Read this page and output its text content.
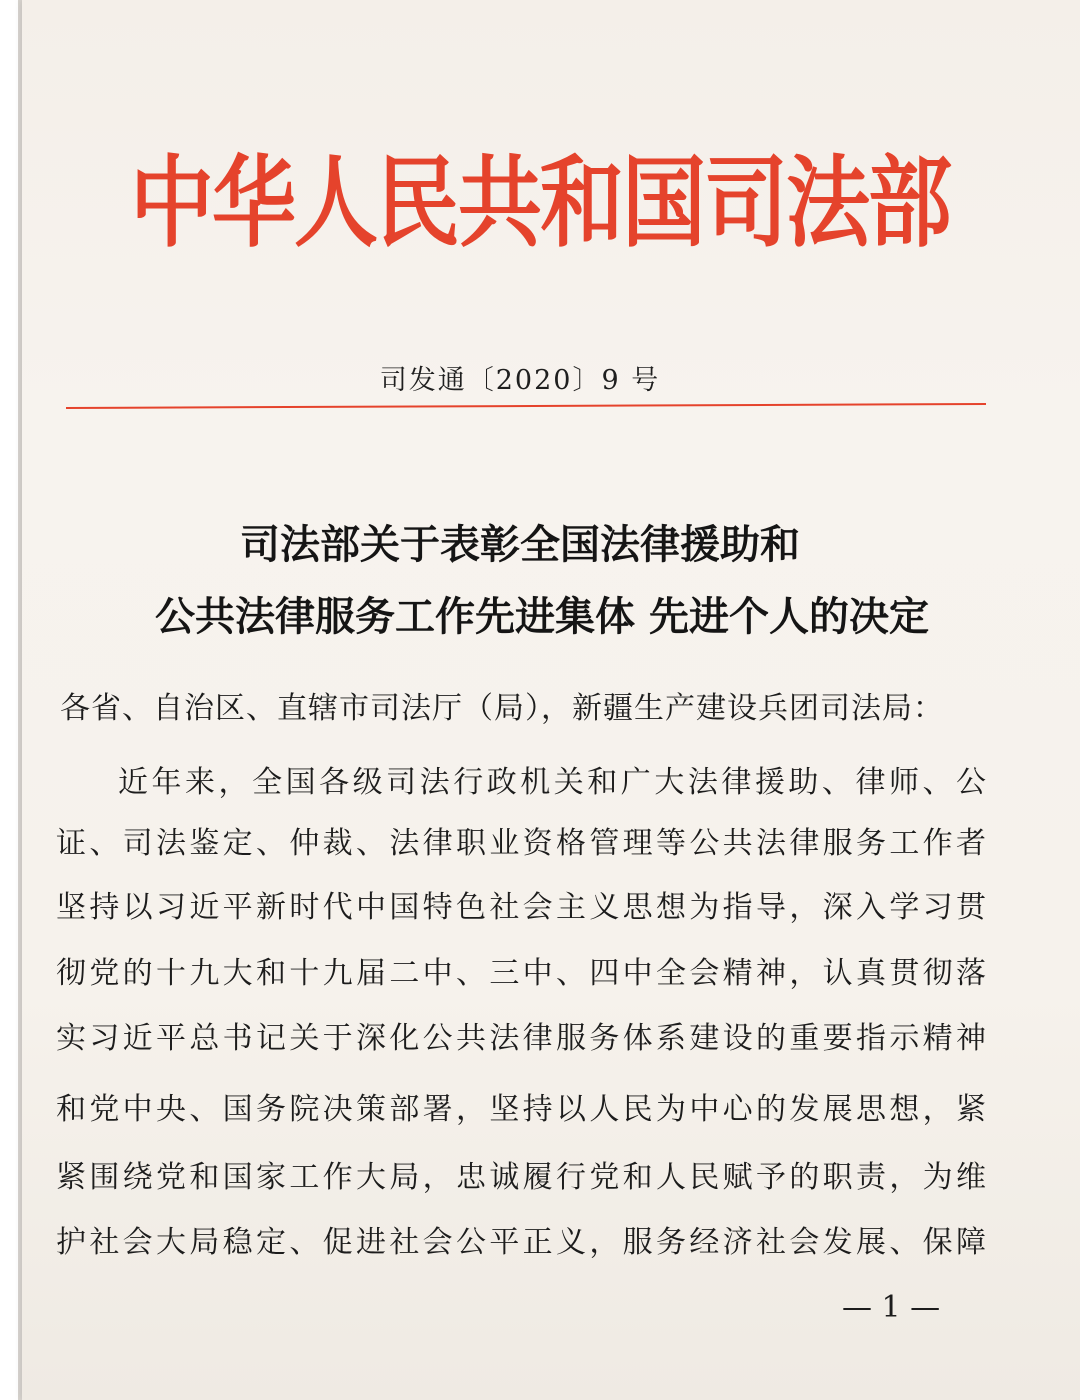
中华人民共和国司法部
司发通〔2020〕9 号
司法部关于表彰全国法律援助和
公共法律服务工作先进集体 先进个人的决定
各省、自治区、直辖市司法厅（局），新疆生产建设兵团司法局：
近年来，全国各级司法行政机关和广大法律援助、律师、公
证、司法鉴定、仲裁、法律职业资格管理等公共法律服务工作者
坚持以习近平新时代中国特色社会主义思想为指导，深入学习贯
彻党的十九大和十九届二中、三中、四中全会精神，认真贯彻落
实习近平总书记关于深化公共法律服务体系建设的重要指示精神
和党中央、国务院决策部署，坚持以人民为中心的发展思想，紧
紧围绕党和国家工作大局，忠诚履行党和人民赋予的职责，为维
护社会大局稳定、促进社会公平正义，服务经济社会发展、保障
— 1 —
